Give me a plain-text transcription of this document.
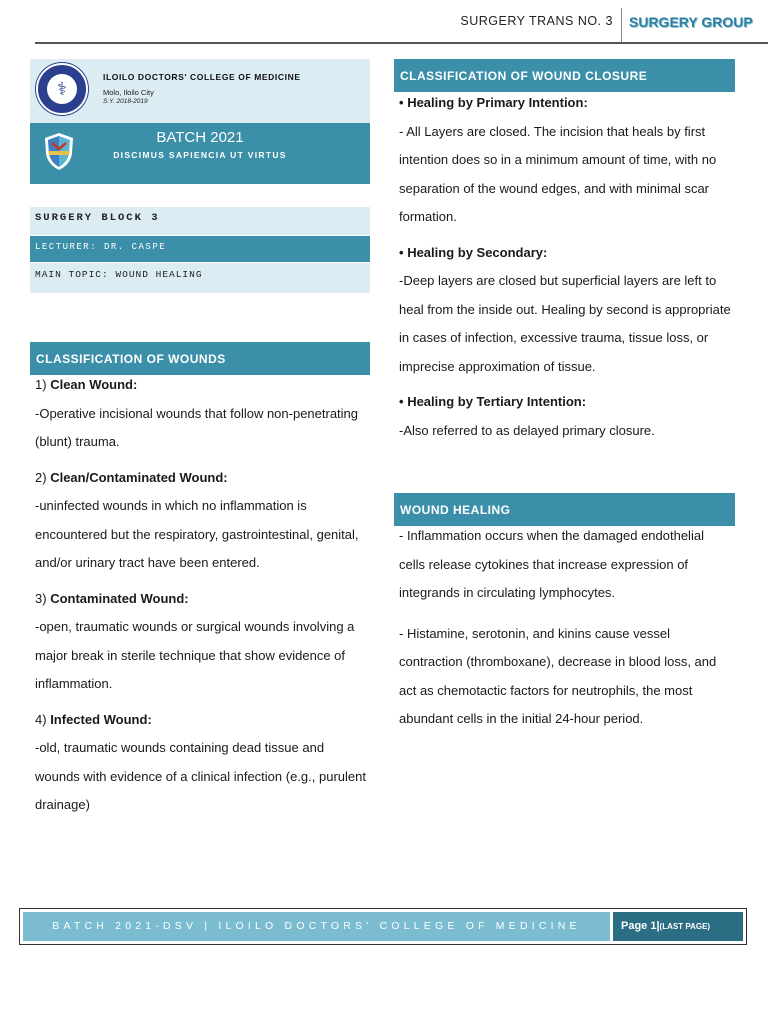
SURGERY TRANS NO. 3 SURGERY GROUP
⚕
ILOILO DOCTORS' COLLEGE OF MEDICINE
Molo, Iloilo City
S.Y. 2018-2019
BATCH 2021
DISCIMUS SAPIENCIA UT VIRTUS
SURGERY BLOCK 3
LECTURER: DR. CASPE
MAIN TOPIC: WOUND HEALING
CLASSIFICATION OF WOUNDS

1) Clean Wound:
-Operative incisional wounds that follow non-penetrating (blunt) trauma.

2) Clean/Contaminated Wound:
-uninfected wounds in which no inflammation is encountered but the respiratory, gastrointestinal, genital, and/or urinary tract have been entered.

3) Contaminated Wound:
-open, traumatic wounds or surgical wounds involving a major break in sterile technique that show evidence of inflammation.

4) Infected Wound:
-old, traumatic wounds containing dead tissue and wounds with evidence of a clinical infection (e.g., purulent drainage)

CLASSIFICATION OF WOUND CLOSURE

• Healing by Primary Intention:
- All Layers are closed. The incision that heals by first intention does so in a minimum amount of time, with no separation of the wound edges, and with minimal scar formation.

• Healing by Secondary:
-Deep layers are closed but superficial layers are left to heal from the inside out. Healing by second is appropriate in cases of infection, excessive trauma, tissue loss, or imprecise approximation of tissue.

• Healing by Tertiary Intention:
-Also referred to as delayed primary closure.

WOUND HEALING

- Inflammation occurs when the damaged endothelial cells release cytokines that increase expression of integrands in circulating lymphocytes.

- Histamine, serotonin, and kinins cause vessel contraction (thromboxane), decrease in blood loss, and act as chemotactic factors for neutrophils, the most abundant cells in the initial 24-hour period.

BATCH 2021-DSV | ILOILO DOCTORS' COLLEGE OF MEDICINE	Page 1|(LAST PAGE)
